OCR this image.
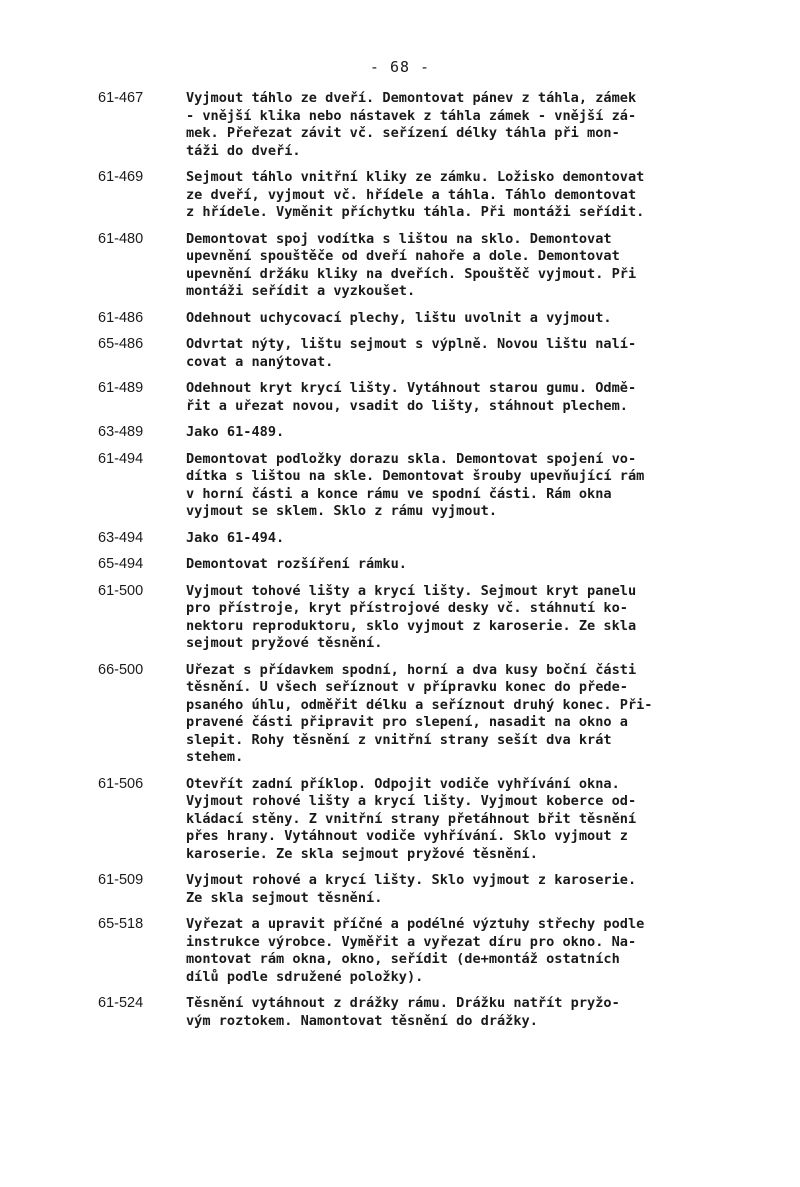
- 68 -
61-467	Vyjmout táhlo ze dveří. Demontovat pánev z táhla, zámek
- vnější klika nebo nástavek z táhla zámek - vnější zá-
mek. Přeřezat závit vč. seřízení délky táhla při mon-
táži do dveří.
61-469	Sejmout táhlo vnitřní kliky ze zámku. Ložisko demontovat
ze dveří, vyjmout vč. hřídele a táhla. Táhlo demontovat
z hřídele. Vyměnit příchytku táhla. Při montáži seřídit.
61-480	Demontovat spoj vodítka s lištou na sklo. Demontovat
upevnění spouštěče od dveří nahoře a dole. Demontovat
upevnění držáku kliky na dveřích. Spouštěč vyjmout. Při
montáži seřídit a vyzkoušet.
61-486	Odehnout uchycovací plechy, lištu uvolnit a vyjmout.
65-486	Odvrtat nýty, lištu sejmout s výplně. Novou lištu nalí-
covat a nanýtovat.
61-489	Odehnout kryt krycí lišty. Vytáhnout starou gumu. Odmě-
řit a uřezat novou, vsadit do lišty, stáhnout plechem.
63-489	Jako 61-489.
61-494	Demontovat podložky dorazu skla. Demontovat spojení vo-
dítka s lištou na skle. Demontovat šrouby upevňující rám
v horní části a konce rámu ve spodní části. Rám okna
vyjmout se sklem. Sklo z rámu vyjmout.
63-494	Jako 61-494.
65-494	Demontovat rozšíření rámku.
61-500	Vyjmout tohové lišty a krycí lišty. Sejmout kryt panelu
pro přístroje, kryt přístrojové desky vč. stáhnutí ko-
nektoru reproduktoru, sklo vyjmout z karoserie. Ze skla
sejmout pryžové těsnění.
66-500	Uřezat s přídavkem spodní, horní a dva kusy boční části
těsnění. U všech seříznout v přípravku konec do přede-
psaného úhlu, odměřit délku a seříznout druhý konec. Při-
pravené části připravit pro slepení, nasadit na okno a
slepit. Rohy těsnění z vnitřní strany sešít dva krát
stehem.
61-506	Otevřít zadní příklop. Odpojit vodiče vyhřívání okna.
Vyjmout rohové lišty a krycí lišty. Vyjmout koberce od-
kládací stěny. Z vnitřní strany přetáhnout břit těsnění
přes hrany. Vytáhnout vodiče vyhřívání. Sklo vyjmout z
karoserie. Ze skla sejmout pryžové těsnění.
61-509	Vyjmout rohové a krycí lišty. Sklo vyjmout z karoserie.
Ze skla sejmout těsnění.
65-518	Vyřezat a upravit příčné a podélné výztuhy střechy podle
instrukce výrobce. Vyměřit a vyřezat díru pro okno. Na-
montovat rám okna, okno, seřídit (de+montáž ostatních
dílů podle sdružené položky).
61-524	Těsnění vytáhnout z drážky rámu. Drážku natřít pryžo-
vým roztokem. Namontovat těsnění do drážky.
